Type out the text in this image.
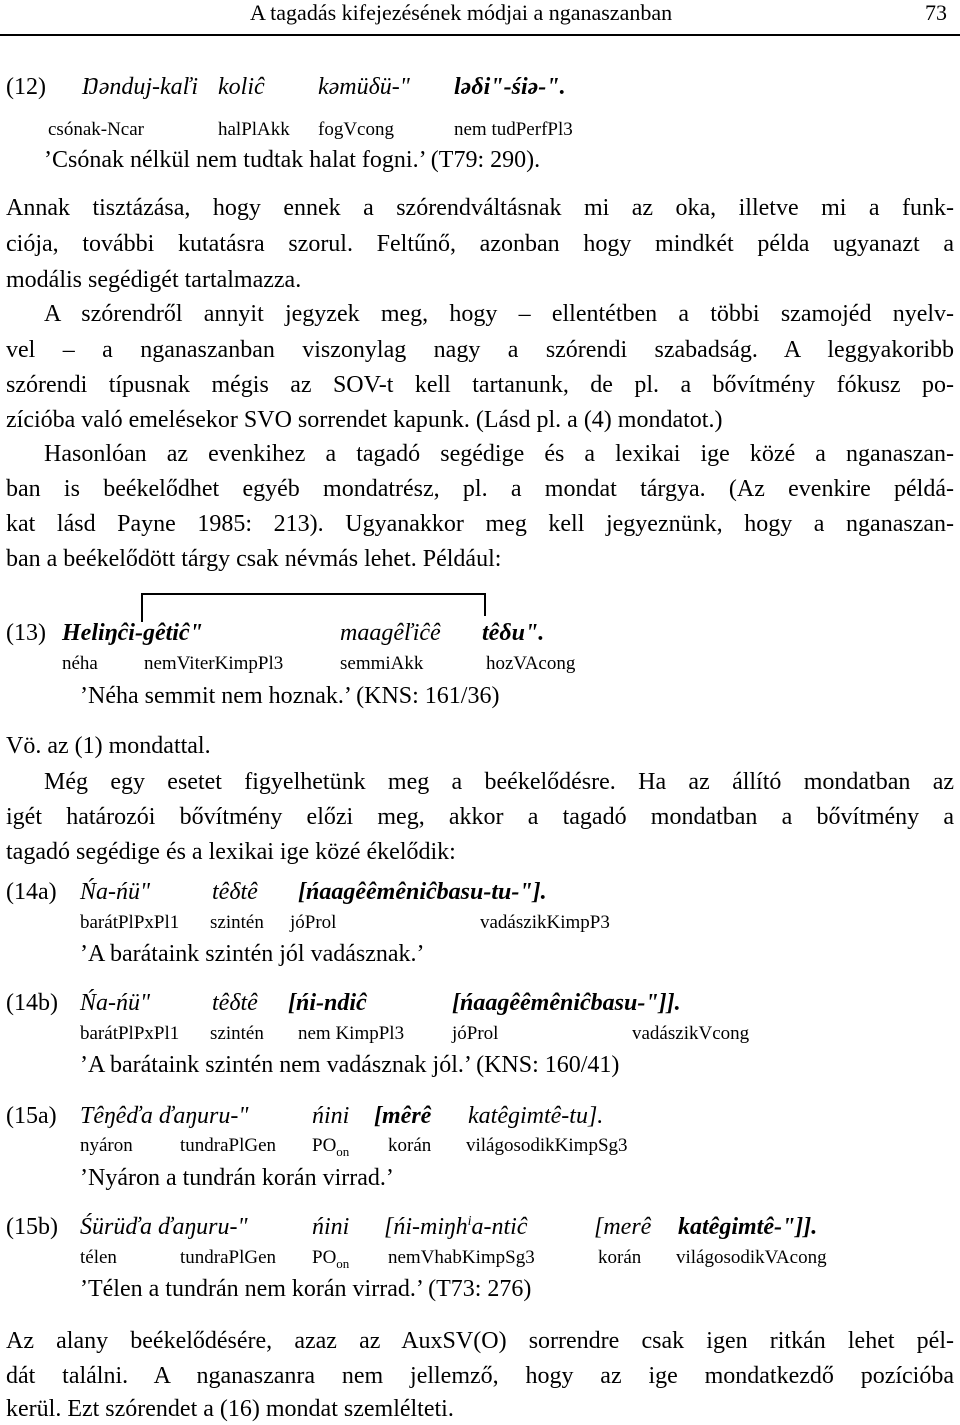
A tagadás kifejezésének módjai a nganaszanban	73
(12) Ŋənduj-kaľi koliĉ kəmüδü-" ləδi"-śiə-".
csónak-Ncar	halPlAkk fogVcong	nem tudPerfPl3
’Csónak nélkül nem tudtak halat fogni.’ (T79: 290).
Annak tisztázása, hogy ennek a szórendváltásnak mi az oka, illetve mi a funk-
ciója, további kutatásra szorul. Feltűnő, azonban hogy mindkét példa ugyanazt a
modális segédigét tartalmazza.
A szórendről annyit jegyzek meg, hogy – ellentétben a többi szamojéd nyelv-
vel – a nganaszanban viszonylag nagy a szórendi szabadság. A leggyakoribb
szórendi típusnak mégis az SOV-t kell tartanunk, de pl. a bővítmény fókusz po-
zícióba való emelésekor SVO sorrendet kapunk. (Lásd pl. a (4) mondatot.)
Hasonlóan az evenkihez a tagadó segédige és a lexikai ige közé a nganaszan-
ban is beékelődhet egyéb mondatrész, pl. a mondat tárgya. (Az evenkire példá-
kat lásd Payne 1985: 213). Ugyanakkor meg kell jegyeznünk, hogy a nganaszan-
ban a beékelődött tárgy csak névmás lehet. Például:
(13) Heliŋĉi-gêtiĉ"	maagêľiĉê têδu".
néha nemViterKimpPl3	semmiAkk	hozVAcong
’Néha semmit nem hoznak.’ (KNS: 161/36)
Vö. az (1) mondattal.
Még egy esetet figyelhetünk meg a beékelődésre. Ha az állító mondatban az
igét határozói bővítmény előzi meg, akkor a tagadó mondatban a bővítmény a
tagadó segédige és a lexikai ige közé ékelődik:
(14a) Ńa-ńü"	têδtê [ńaagêêmêniĉbasu-tu-"].
barátPlPxPl1 szintén jóProl	vadászikKimpP3
’A barátaink szintén jól vadásznak.’
(14b) Ńa-ńü"	têδtê [ńi-ndiĉ	[ńaagêêmêniĉbasu-"]].
barátPlPxPl1 szintén nem KimpPl3	jóProl	vadászikVcong
’A barátaink szintén nem vadásznak jól.’ (KNS: 160/41)
(15a) Têŋêďa ďaŋuru-"	ńini [mêrê katêgimtê-tu].
nyáron tundraPlGen $PO_{on}$ korán világosodikKimpSg3
’Nyáron a tundrán korán virrad.’
(15b) Śürüďa ďaŋuru-"	ńini [ńi-miŋh$^i$a-ntiĉ	[merê katêgimtê-"]].
télen	tundraPlGen $PO_{on}$ nemVhabKimpSg3	korán világosodikVAcong
’Télen a tundrán nem korán virrad.’ (T73: 276)
Az alany beékelődésére, azaz az AuxSV(O) sorrendre csak igen ritkán lehet pél-
dát találni. A nganaszanra nem jellemző, hogy az ige mondatkezdő pozícióba
kerül. Ezt szórendet a (16) mondat szemlélteti.
